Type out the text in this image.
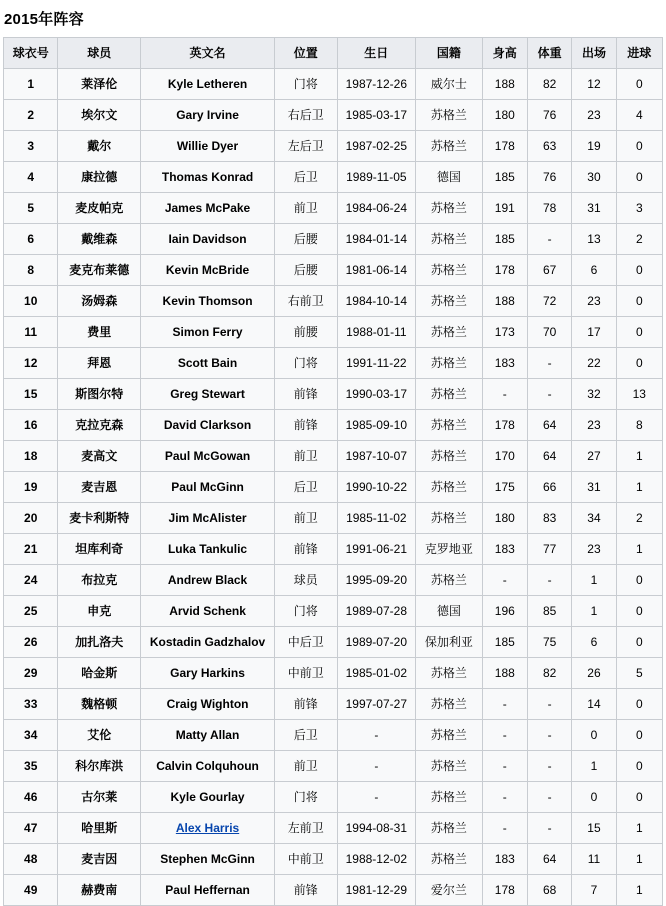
2015年阵容
球衣号	球员	英文名	位置	生日	国籍	身高	体重	出场	进球
1	莱泽伦	Kyle Letheren	门将	1987-12-26	威尔士	188	82	12	0
2	埃尔文	Gary Irvine	右后卫	1985-03-17	苏格兰	180	76	23	4
3	戴尔	Willie Dyer	左后卫	1987-02-25	苏格兰	178	63	19	0
4	康拉德	Thomas Konrad	后卫	1989-11-05	德国	185	76	30	0
5	麦皮帕克	James McPake	前卫	1984-06-24	苏格兰	191	78	31	3
6	戴维森	Iain Davidson	后腰	1984-01-14	苏格兰	185	-	13	2
8	麦克布莱德	Kevin McBride	后腰	1981-06-14	苏格兰	178	67	6	0
10	汤姆森	Kevin Thomson	右前卫	1984-10-14	苏格兰	188	72	23	0
11	费里	Simon Ferry	前腰	1988-01-11	苏格兰	173	70	17	0
12	拜恩	Scott Bain	门将	1991-11-22	苏格兰	183	-	22	0
15	斯图尔特	Greg Stewart	前锋	1990-03-17	苏格兰	-	-	32	13
16	克拉克森	David Clarkson	前锋	1985-09-10	苏格兰	178	64	23	8
18	麦高文	Paul McGowan	前卫	1987-10-07	苏格兰	170	64	27	1
19	麦吉恩	Paul McGinn	后卫	1990-10-22	苏格兰	175	66	31	1
20	麦卡利斯特	Jim McAlister	前卫	1985-11-02	苏格兰	180	83	34	2
21	坦库利奇	Luka Tankulic	前锋	1991-06-21	克罗地亚	183	77	23	1
24	布拉克	Andrew Black	球员	1995-09-20	苏格兰	-	-	1	0
25	申克	Arvid Schenk	门将	1989-07-28	德国	196	85	1	0
26	加扎洛夫	Kostadin Gadzhalov	中后卫	1989-07-20	保加利亚	185	75	6	0
29	哈金斯	Gary Harkins	中前卫	1985-01-02	苏格兰	188	82	26	5
33	魏格顿	Craig Wighton	前锋	1997-07-27	苏格兰	-	-	14	0
34	艾伦	Matty Allan	后卫	-	苏格兰	-	-	0	0
35	科尔库洪	Calvin Colquhoun	前卫	-	苏格兰	-	-	1	0
46	古尔莱	Kyle Gourlay	门将	-	苏格兰	-	-	0	0
47	哈里斯	Alex Harris	左前卫	1994-08-31	苏格兰	-	-	15	1
48	麦吉因	Stephen McGinn	中前卫	1988-12-02	苏格兰	183	64	11	1
49	赫费南	Paul Heffernan	前锋	1981-12-29	爱尔兰	178	68	7	1
